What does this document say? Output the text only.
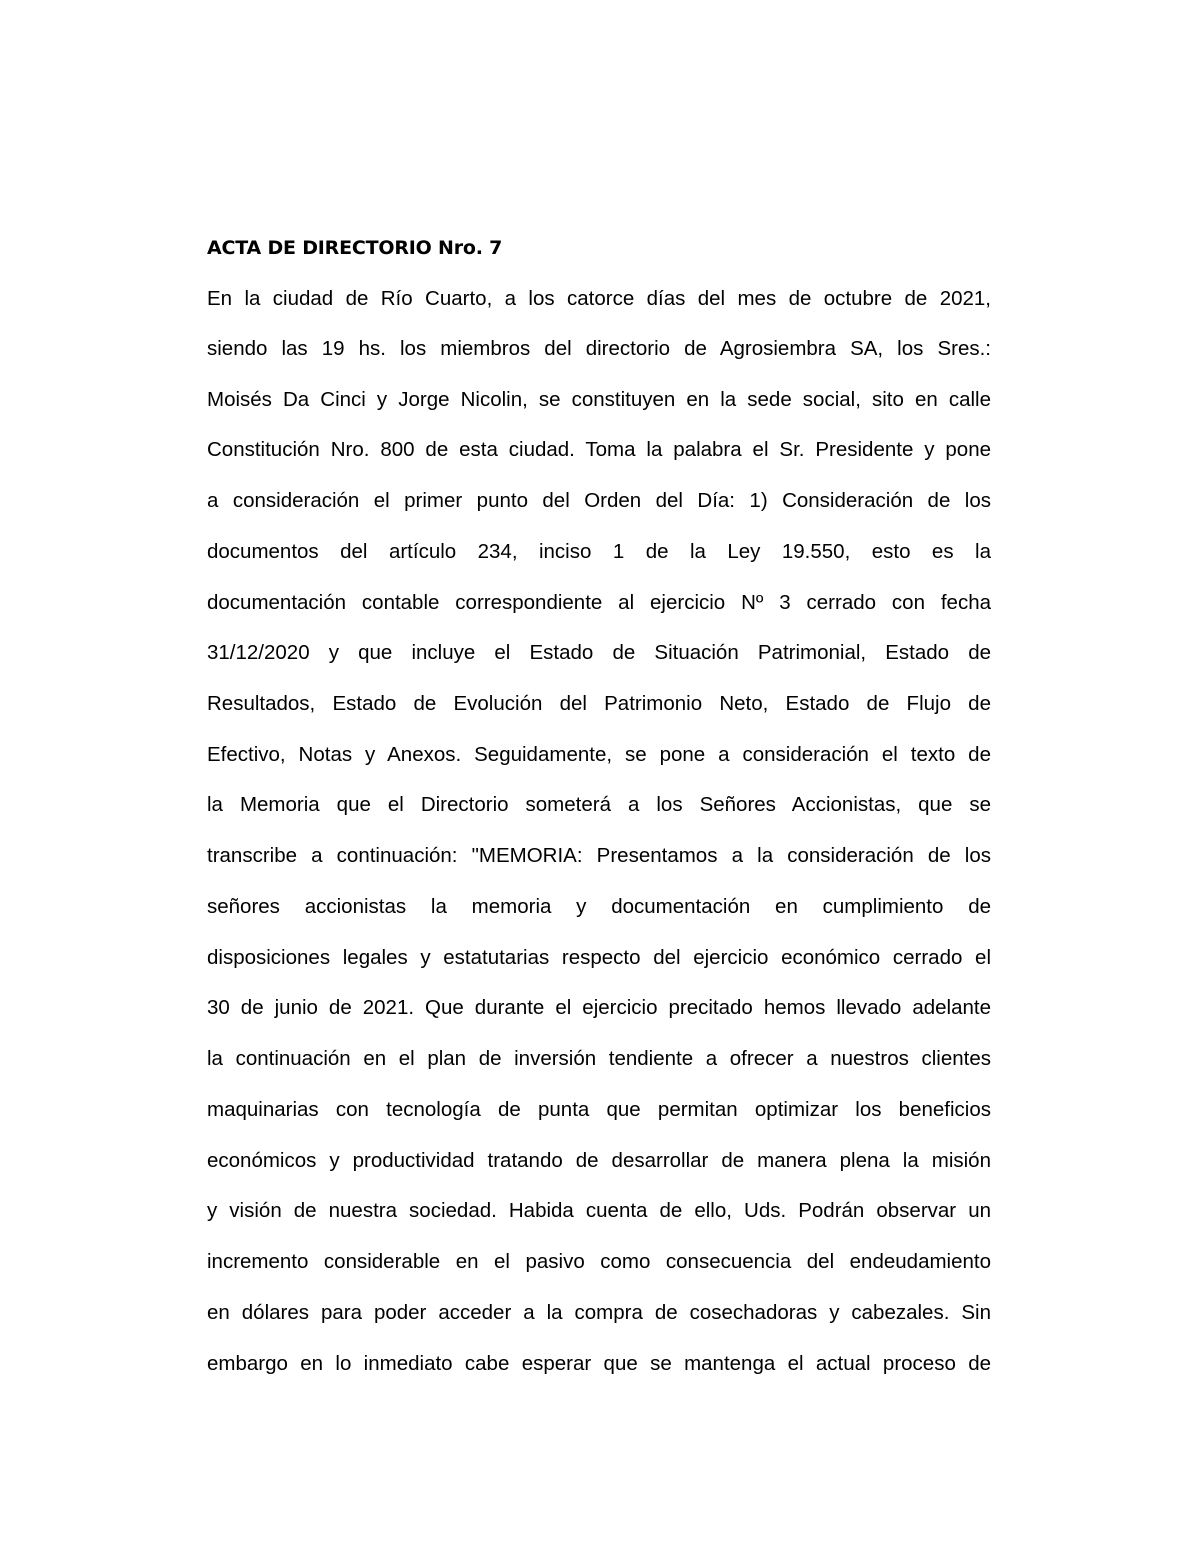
ACTA DE DIRECTORIO Nro. 7

En la ciudad de Río Cuarto, a los catorce días del mes de octubre de 2021,

siendo las 19 hs. los miembros del directorio de Agrosiembra SA, los Sres.:

Moisés Da Cinci y Jorge Nicolin, se constituyen en la sede social, sito en calle

Constitución Nro. 800 de esta ciudad. Toma la palabra el Sr. Presidente y pone

a consideración el primer punto del Orden del Día: 1) Consideración de los

documentos del artículo 234, inciso 1 de la Ley 19.550, esto es la

documentación contable correspondiente al ejercicio Nº 3 cerrado con fecha

31/12/2020 y que incluye el Estado de Situación Patrimonial, Estado de

Resultados, Estado de Evolución del Patrimonio Neto, Estado de Flujo de

Efectivo, Notas y Anexos. Seguidamente, se pone a consideración el texto de

la Memoria que el Directorio someterá a los Señores Accionistas, que se

transcribe a continuación: "MEMORIA: Presentamos a la consideración de los

señores accionistas la memoria y documentación en cumplimiento de

disposiciones legales y estatutarias respecto del ejercicio económico cerrado el

30 de junio de 2021. Que durante el ejercicio precitado hemos llevado adelante

la continuación en el plan de inversión tendiente a ofrecer a nuestros clientes

maquinarias con tecnología de punta que permitan optimizar los beneficios

económicos y productividad tratando de desarrollar de manera plena la misión

y visión de nuestra sociedad. Habida cuenta de ello, Uds. Podrán observar un

incremento considerable en el pasivo como consecuencia del endeudamiento

en dólares para poder acceder a la compra de cosechadoras y cabezales. Sin

embargo en lo inmediato cabe esperar que se mantenga el actual proceso de
